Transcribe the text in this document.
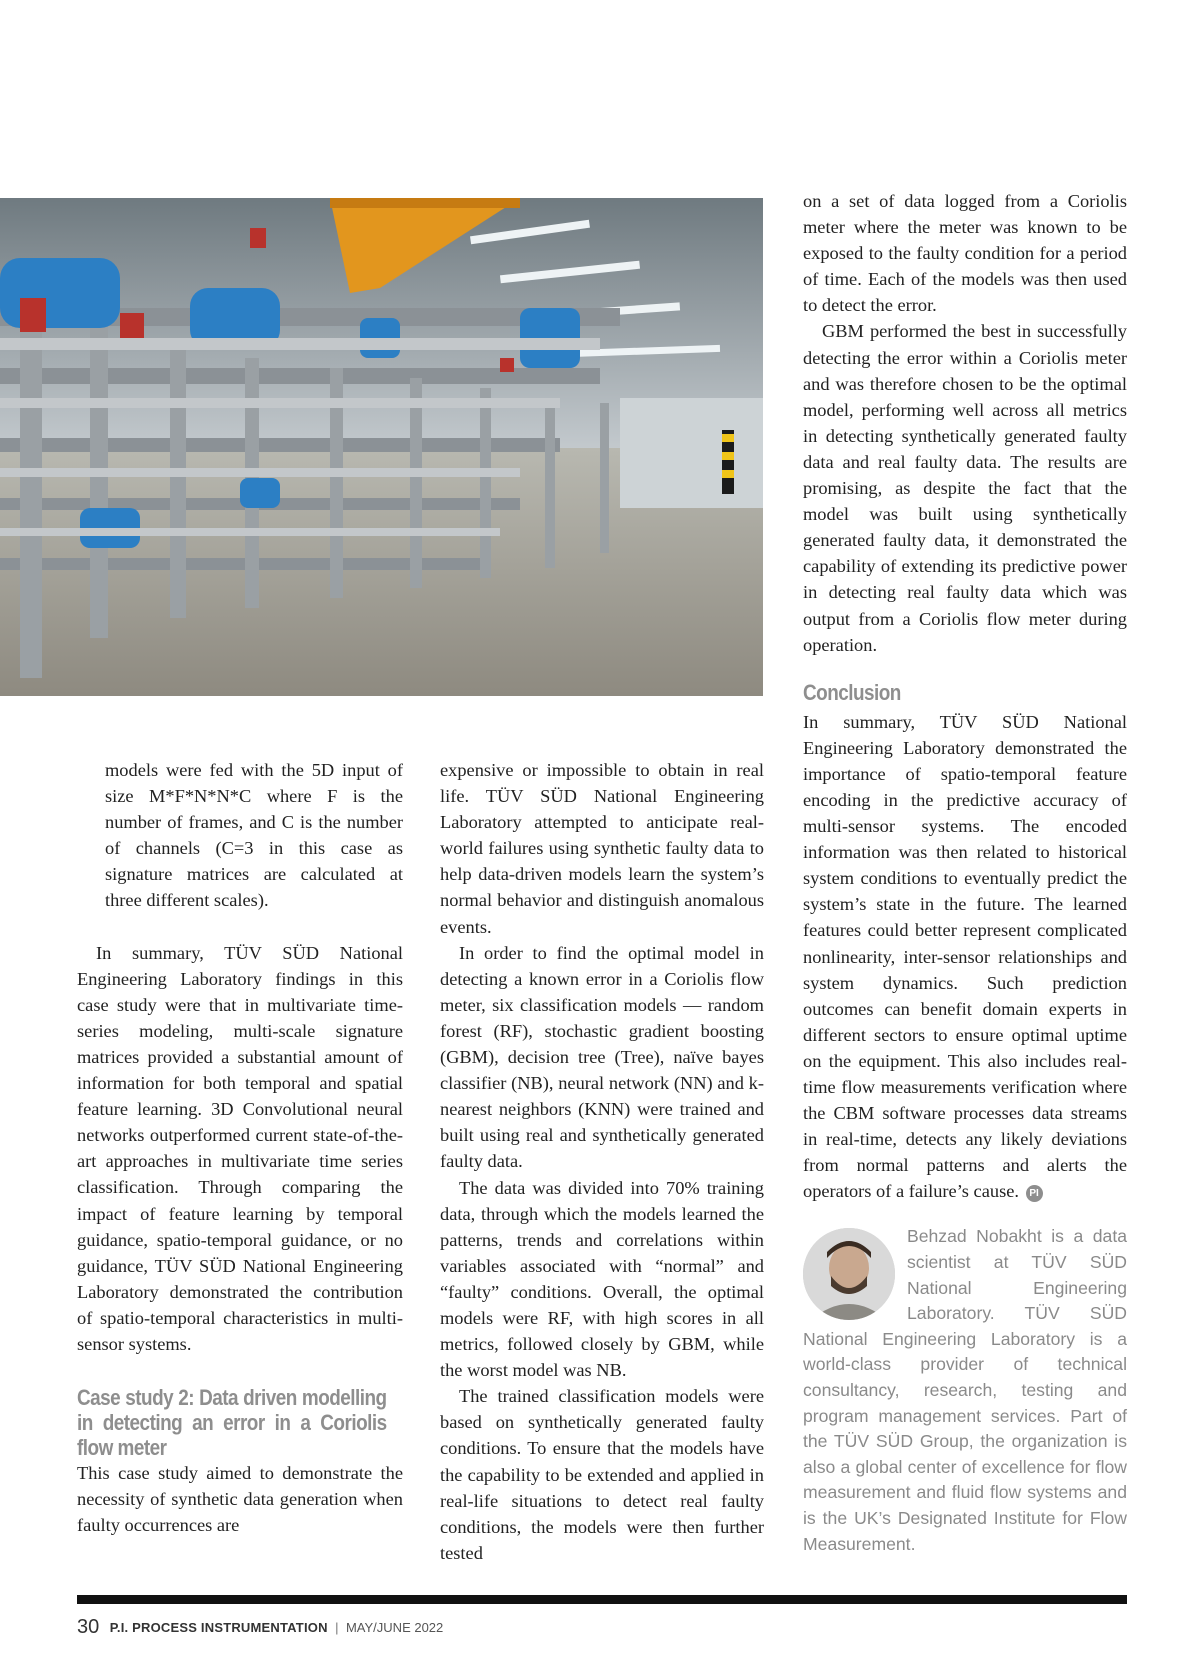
models were fed with the 5D input of size M*F*N*N*C where F is the number of frames, and C is the number of channels (C=3 in this case as signature matrices are calculated at three different scales).

In summary, TÜV SÜD National Engineering Laboratory findings in this case study were that in multivariate time-series modeling, multi-scale signature matrices provided a substantial amount of information for both temporal and spatial feature learning. 3D Convolutional neural networks outperformed current state-of-the-art approaches in multivariate time series classification. Through comparing the impact of feature learning by temporal guidance, spatio-temporal guidance, or no guidance, TÜV SÜD National Engineering Laboratory demonstrated the contribution of spatio-temporal characteristics in multi-sensor systems.

Case study 2: Data driven modelling in detecting an error in a Coriolis flow meter

This case study aimed to demonstrate the necessity of synthetic data generation when faulty occurrences are

expensive or impossible to obtain in real life. TÜV SÜD National Engineering Laboratory attempted to anticipate real-world failures using synthetic faulty data to help data-driven models learn the system’s normal behavior and distinguish anomalous events.

In order to find the optimal model in detecting a known error in a Coriolis flow meter, six classification models — random forest (RF), stochastic gradient boosting (GBM), decision tree (Tree), naïve bayes classifier (NB), neural network (NN) and k-nearest neighbors (KNN) were trained and built using real and synthetically generated faulty data.

The data was divided into 70% training data, through which the models learned the patterns, trends and correlations within variables associated with “normal” and “faulty” conditions. Overall, the optimal models were RF, with high scores in all metrics, followed closely by GBM, while the worst model was NB.

The trained classification models were based on synthetically generated faulty conditions. To ensure that the models have the capability to be extended and applied in real-life situations to detect real faulty conditions, the models were then further tested

on a set of data logged from a Coriolis meter where the meter was known to be exposed to the faulty condition for a period of time. Each of the models was then used to detect the error.

GBM performed the best in successfully detecting the error within a Coriolis meter and was therefore chosen to be the optimal model, performing well across all metrics in detecting synthetically generated faulty data and real faulty data. The results are promising, as despite the fact that the model was built using synthetically generated faulty data, it demonstrated the capability of extending its predictive power in detecting real faulty data which was output from a Coriolis flow meter during operation.

Conclusion

In summary, TÜV SÜD National Engineering Laboratory demonstrated the importance of spatio-temporal feature encoding in the predictive accuracy of multi-sensor systems. The encoded information was then related to historical system conditions to eventually predict the system’s state in the future. The learned features could better represent complicated nonlinearity, inter-sensor relationships and system dynamics. Such prediction outcomes can benefit domain experts in different sectors to ensure optimal uptime on the equipment. This also includes real-time flow measurements verification where the CBM software processes data streams in real-time, detects any likely deviations from normal patterns and alerts the operators of a failure’s cause. PI

Behzad Nobakht is a data scientist at TÜV SÜD National Engineering Laboratory. TÜV SÜD National Engineering Laboratory is a world-class provider of technical consultancy, research, testing and program management services. Part of the TÜV SÜD Group, the organization is also a global center of excellence for flow measurement and fluid flow systems and is the UK’s Designated Institute for Flow Measurement.
30 P.I. PROCESS INSTRUMENTATION | MAY/JUNE 2022
